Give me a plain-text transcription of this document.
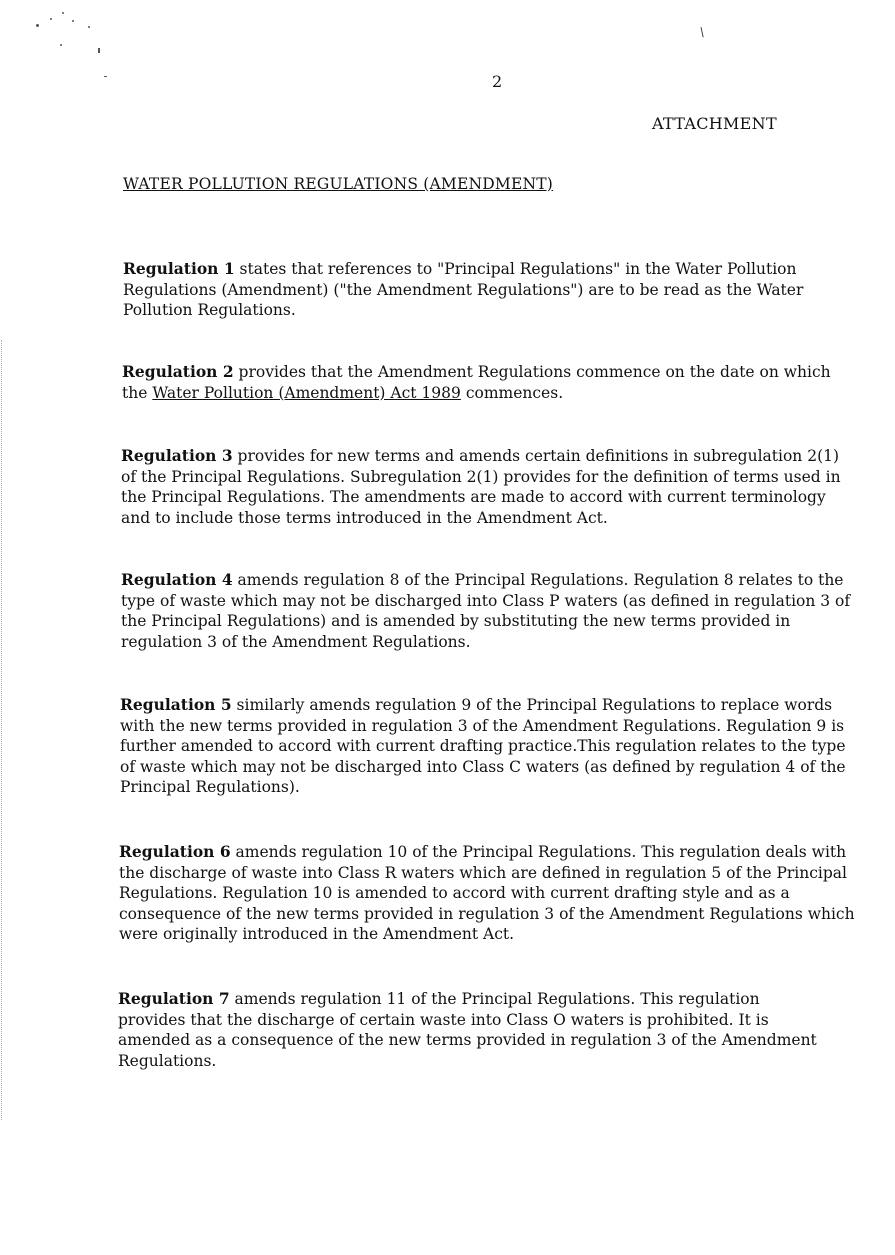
∕
2
ATTACHMENT
WATER POLLUTION REGULATIONS (AMENDMENT)

Regulation 1 states that references to "Principal Regulations" in the Water Pollution Regulations (Amendment) ("the Amendment Regulations") are to be read as the Water Pollution Regulations.

Regulation 2 provides that the Amendment Regulations commence on the date on which the Water Pollution (Amendment) Act 1989 commences.

Regulation 3 provides for new terms and amends certain definitions in subregulation 2(1) of the Principal Regulations. Subregulation 2(1) provides for the definition of terms used in the Principal Regulations. The amendments are made to accord with current terminology and to include those terms introduced in the Amendment Act.

Regulation 4 amends regulation 8 of the Principal Regulations. Regulation 8 relates to the type of waste which may not be discharged into Class P waters (as defined in regulation 3 of the Principal Regulations) and is amended by substituting the new terms provided in regulation 3 of the Amendment Regulations.

Regulation 5 similarly amends regulation 9 of the Principal Regulations to replace words with the new terms provided in regulation 3 of the Amendment Regulations. Regulation 9 is further amended to accord with current drafting practice.This regulation relates to the type of waste which may not be discharged into Class C waters (as defined by regulation 4 of the Principal Regulations).

Regulation 6 amends regulation 10 of the Principal Regulations. This regulation deals with the discharge of waste into Class R waters which are defined in regulation 5 of the Principal Regulations. Regulation 10 is amended to accord with current drafting style and as a consequence of the new terms provided in regulation 3 of the Amendment Regulations which were originally introduced in the Amendment Act.

Regulation 7 amends regulation 11 of the Principal Regulations. This regulation provides that the discharge of certain waste into Class O waters is prohibited. It is amended as a consequence of the new terms provided in regulation 3 of the Amendment Regulations.
